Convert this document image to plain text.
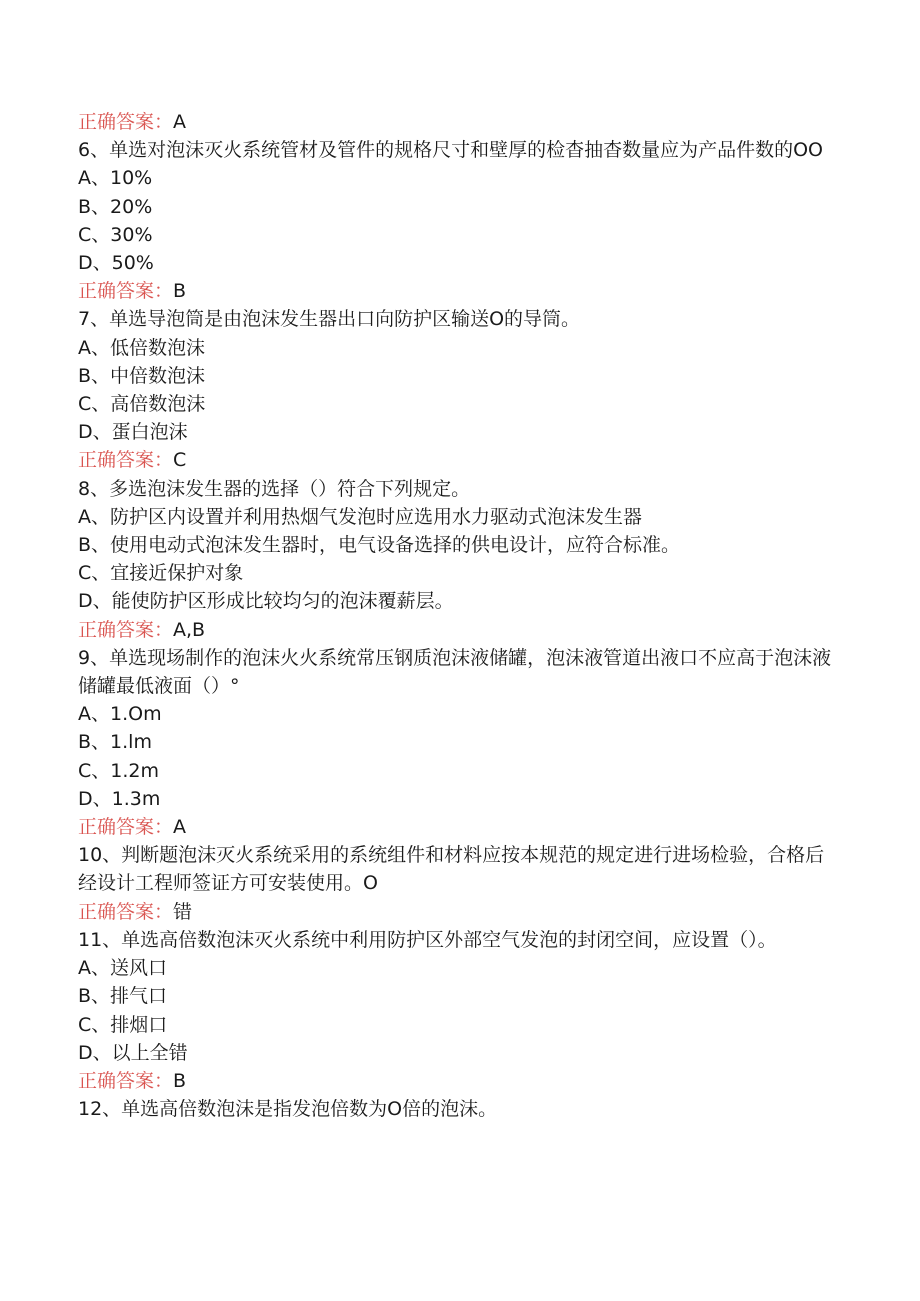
正确答案：A
6、单选对泡沫灭火系统管材及管件的规格尺寸和壁厚的检杳抽杳数量应为产品件数的OO
A、10%
B、20%
C、30%
D、50%
正确答案：B
7、单选导泡筒是由泡沫发生器出口向防护区输送O的导筒。
A、低倍数泡沫
B、中倍数泡沫
C、高倍数泡沫
D、蛋白泡沫
正确答案：C
8、多选泡沫发生器的选择（）符合下列规定。
A、防护区内设置并利用热烟气发泡时应选用水力驱动式泡沫发生器
B、使用电动式泡沫发生器时，电气设备选择的供电设计，应符合标准。
C、宜接近保护对象
D、能使防护区形成比较均匀的泡沫覆薪层。
正确答案：A,B
9、单选现场制作的泡沫火火系统常压钢质泡沫液储罐，泡沫液管道出液口不应高于泡沫液储罐最低液面（）°
A、1.Om
B、1.lm
C、1.2m
D、1.3m
正确答案：A
10、判断题泡沫灭火系统采用的系统组件和材料应按本规范的规定进行进场检验，合格后经设计工程师签证方可安装使用。O
正确答案：错
11、单选高倍数泡沫灭火系统中利用防护区外部空气发泡的封闭空间，应设置（）。
A、送风口
B、排气口
C、排烟口
D、以上全错
正确答案：B
12、单选高倍数泡沫是指发泡倍数为O倍的泡沫。
